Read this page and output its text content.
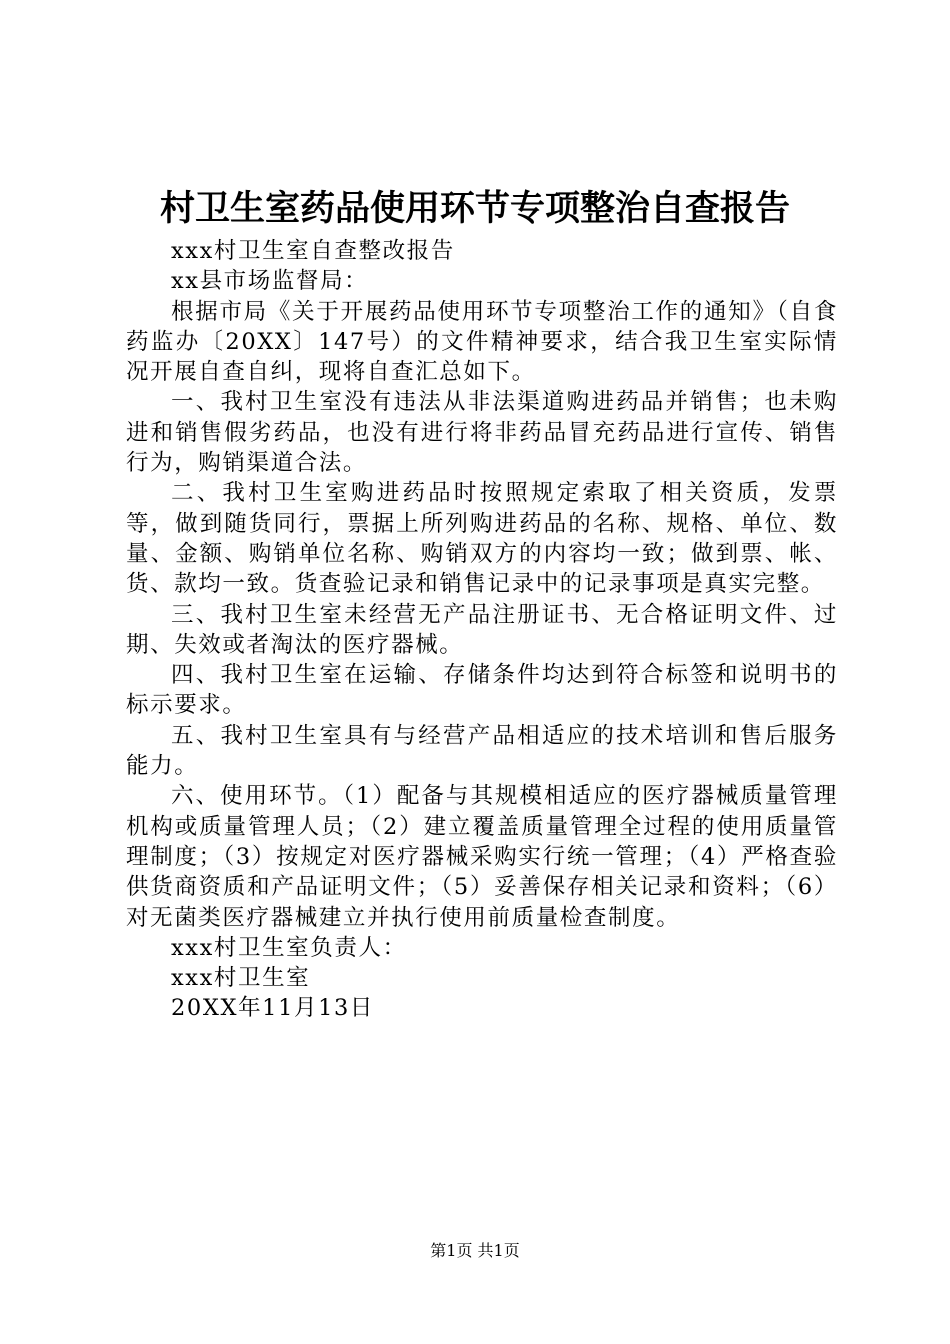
村卫生室药品使用环节专项整治自查报告

xxx村卫生室自查整改报告

xx县市场监督局：

根据市局《关于开展药品使用环节专项整治工作的通知》（自食药监办〔20XX〕147号）的文件精神要求，结合我卫生室实际情况开展自查自纠，现将自查汇总如下。

一、我村卫生室没有违法从非法渠道购进药品并销售；也未购进和销售假劣药品，也没有进行将非药品冒充药品进行宣传、销售行为，购销渠道合法。

二、我村卫生室购进药品时按照规定索取了相关资质，发票等，做到随货同行，票据上所列购进药品的名称、规格、单位、数量、金额、购销单位名称、购销双方的内容均一致；做到票、帐、货、款均一致。货查验记录和销售记录中的记录事项是真实完整。

三、我村卫生室未经营无产品注册证书、无合格证明文件、过期、失效或者淘汰的医疗器械。

四、我村卫生室在运输、存储条件均达到符合标签和说明书的标示要求。

五、我村卫生室具有与经营产品相适应的技术培训和售后服务能力。

六、使用环节。（1）配备与其规模相适应的医疗器械质量管理机构或质量管理人员；（2）建立覆盖质量管理全过程的使用质量管理制度；（3）按规定对医疗器械采购实行统一管理；（4）严格查验供货商资质和产品证明文件；（5）妥善保存相关记录和资料；（6）对无菌类医疗器械建立并执行使用前质量检查制度。

xxx村卫生室负责人：

xxx村卫生室

20XX年11月13日

第1页 共1页
